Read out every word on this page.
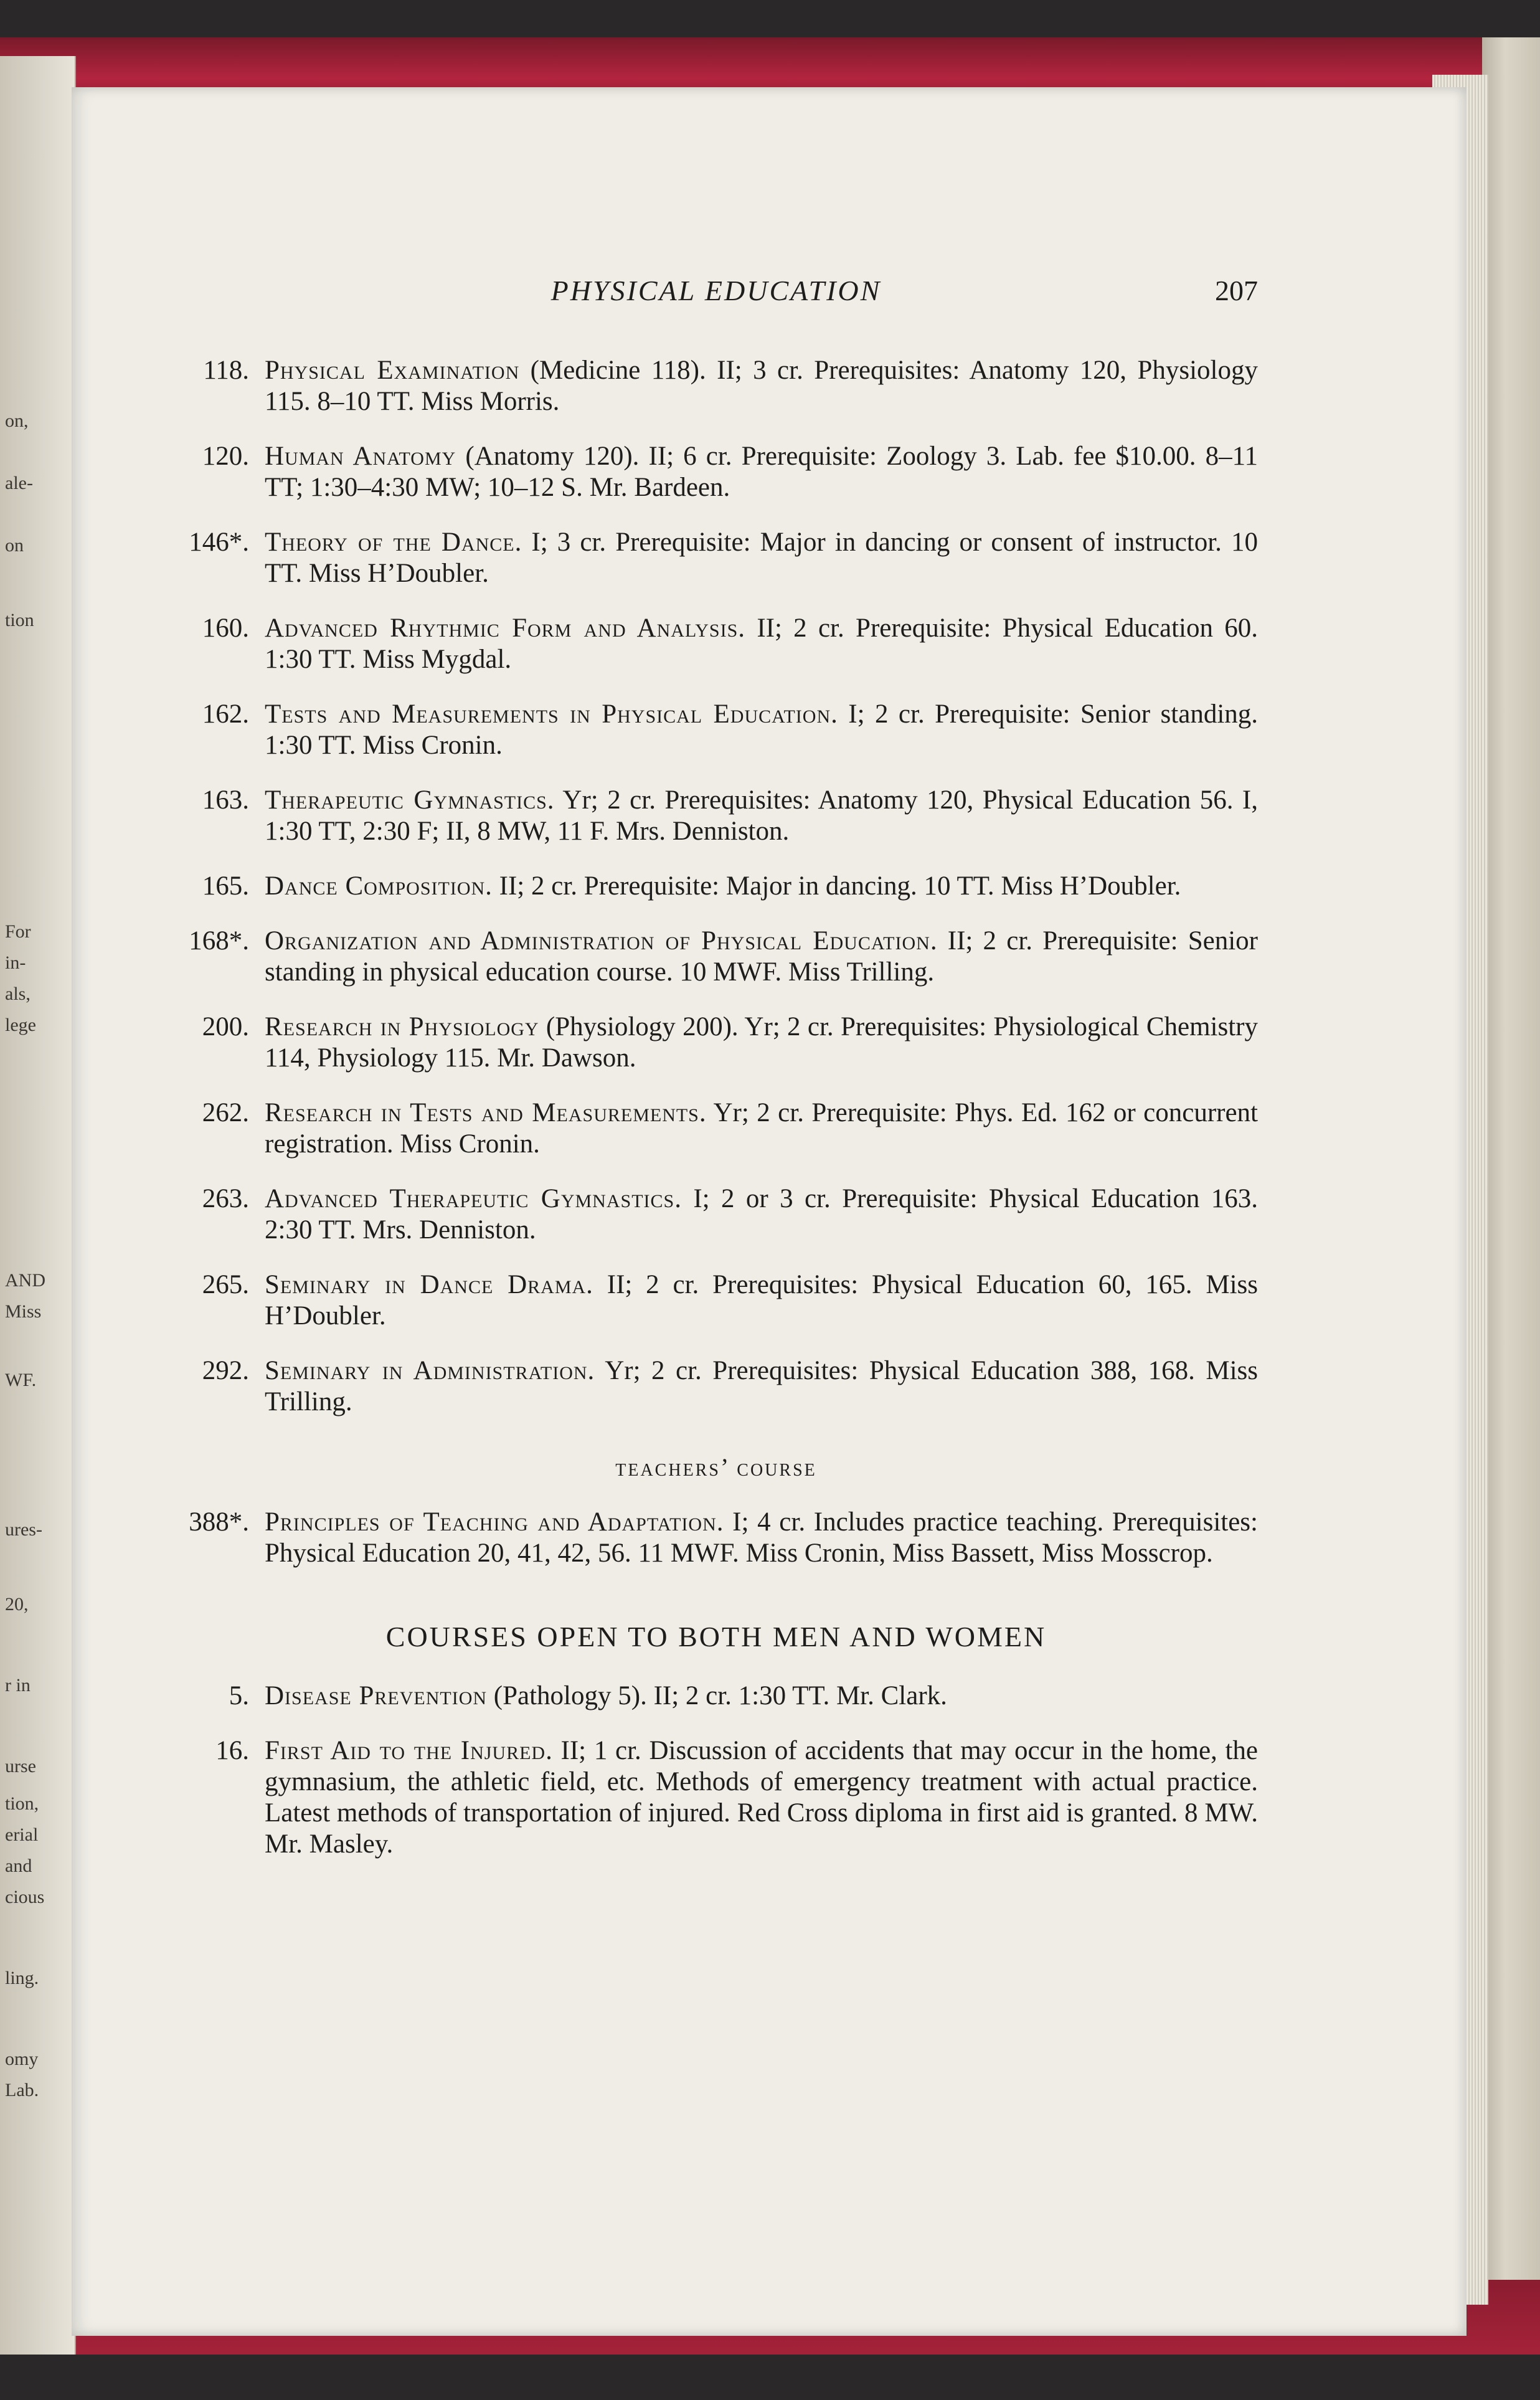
on,
ale-
on
tion
For
in-
als,
lege
AND
Miss
WF.
ures-
20,
r in
urse
tion,
erial
and
cious
ling.
omy
Lab.
PHYSICAL EDUCATION	207
118. Physical Examination (Medicine 118). II; 3 cr. Prerequisites: Anatomy 120, Physiology 115. 8–10 TT. Miss Morris.
120. Human Anatomy (Anatomy 120). II; 6 cr. Prerequisite: Zoology 3. Lab. fee $10.00. 8–11 TT; 1:30–4:30 MW; 10–12 S. Mr. Bardeen.
146*. Theory of the Dance. I; 3 cr. Prerequisite: Major in dancing or consent of instructor. 10 TT. Miss H’Doubler.
160. Advanced Rhythmic Form and Analysis. II; 2 cr. Prerequisite: Physical Education 60. 1:30 TT. Miss Mygdal.
162. Tests and Measurements in Physical Education. I; 2 cr. Prerequisite: Senior standing. 1:30 TT. Miss Cronin.
163. Therapeutic Gymnastics. Yr; 2 cr. Prerequisites: Anatomy 120, Physical Education 56. I, 1:30 TT, 2:30 F; II, 8 MW, 11 F. Mrs. Denniston.
165. Dance Composition. II; 2 cr. Prerequisite: Major in dancing. 10 TT. Miss H’Doubler.
168*. Organization and Administration of Physical Education. II; 2 cr. Prerequisite: Senior standing in physical education course. 10 MWF. Miss Trilling.
200. Research in Physiology (Physiology 200). Yr; 2 cr. Prerequisites: Physiological Chemistry 114, Physiology 115. Mr. Dawson.
262. Research in Tests and Measurements. Yr; 2 cr. Prerequisite: Phys. Ed. 162 or concurrent registration. Miss Cronin.
263. Advanced Therapeutic Gymnastics. I; 2 or 3 cr. Prerequisite: Physical Education 163. 2:30 TT. Mrs. Denniston.
265. Seminary in Dance Drama. II; 2 cr. Prerequisites: Physical Education 60, 165. Miss H’Doubler.
292. Seminary in Administration. Yr; 2 cr. Prerequisites: Physical Education 388, 168. Miss Trilling.
teachers’ course
388*. Principles of Teaching and Adaptation. I; 4 cr. Includes practice teaching. Prerequisites: Physical Education 20, 41, 42, 56. 11 MWF. Miss Cronin, Miss Bassett, Miss Mosscrop.
COURSES OPEN TO BOTH MEN AND WOMEN
5. Disease Prevention (Pathology 5). II; 2 cr. 1:30 TT. Mr. Clark.
16. First Aid to the Injured. II; 1 cr. Discussion of accidents that may occur in the home, the gymnasium, the athletic field, etc. Methods of emergency treatment with actual practice. Latest methods of transportation of injured. Red Cross diploma in first aid is granted. 8 MW. Mr. Masley.
